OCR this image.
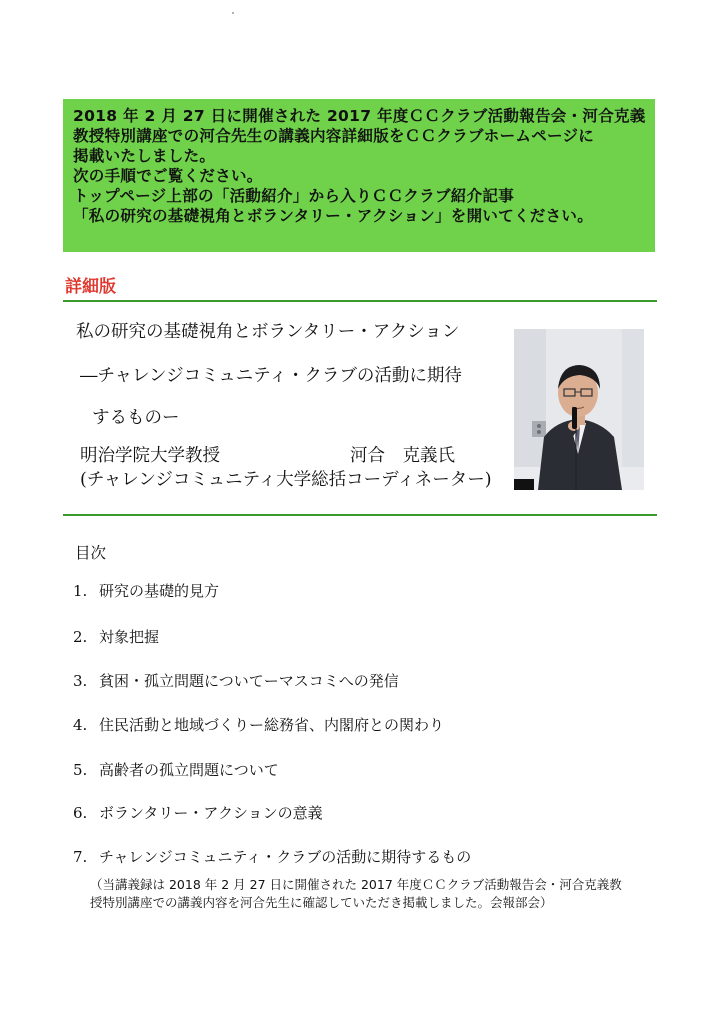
2018 年 2 月 27 日に開催された 2017 年度ＣＣクラブ活動報告会・河合克義
教授特別講座での河合先生の講義内容詳細版をＣＣクラブホームページに
掲載いたしました。
次の手順でご覧ください。
トップページ上部の「活動紹介」から入りＣＣクラブ紹介記事
「私の研究の基礎視角とボランタリー・アクション」を開いてください。
詳細版
私の研究の基礎視角とボランタリー・アクション
―チャレンジコミュニティ・クラブの活動に期待
するものー
明治学院大学教授	河合　克義氏
(チャレンジコミュニティ大学総括コーディネーター)
目次
1. 研究の基礎的見方
2. 対象把握
3. 貧困・孤立問題についてーマスコミへの発信
4. 住民活動と地域づくりー総務省、内閣府との関わり
5. 高齢者の孤立問題について
6. ボランタリー・アクションの意義
7. チャレンジコミュニティ・クラブの活動に期待するもの
（当講義録は 2018 年 2 月 27 日に開催された 2017 年度ＣＣクラブ活動報告会・河合克義教
授特別講座での講義内容を河合先生に確認していただき掲載しました。会報部会）
